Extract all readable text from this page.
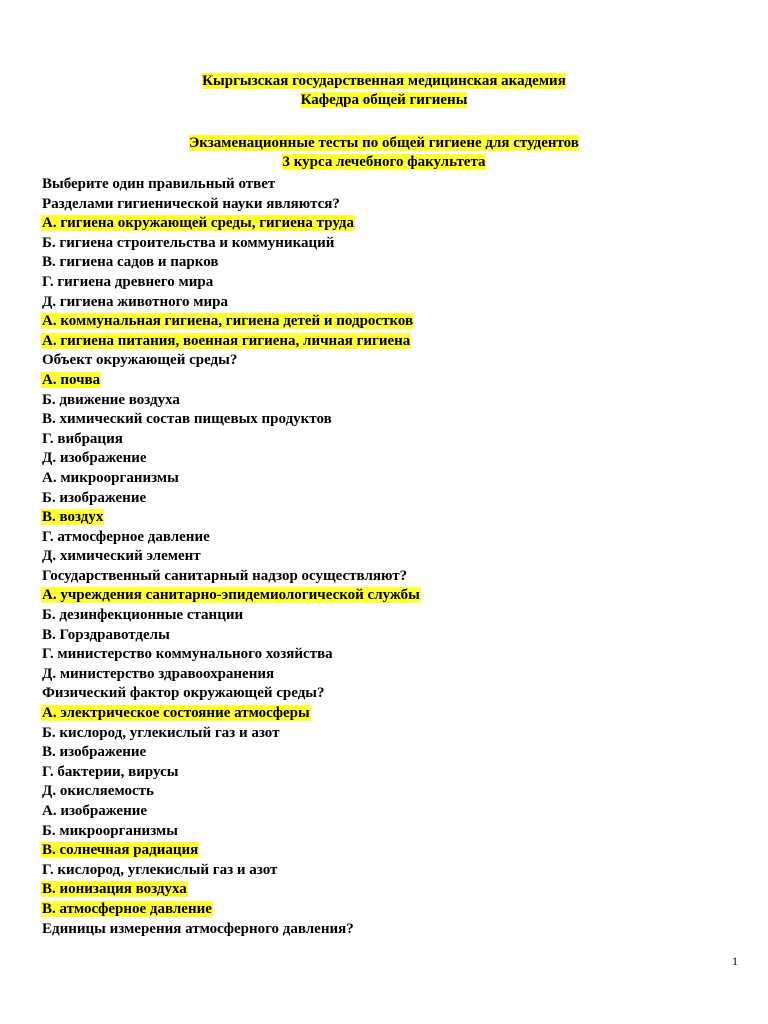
Кыргызская государственная медицинская академия
Кафедра общей гигиены
Экзаменационные тесты по общей гигиене для студентов
3 курса лечебного факультета
Выберите один правильный ответ
Разделами гигиенической науки являются?
А. гигиена окружающей среды, гигиена труда
Б. гигиена строительства и коммуникаций
В. гигиена садов и парков
Г. гигиена древнего мира
Д. гигиена животного мира
А. коммунальная гигиена, гигиена детей и подростков
А. гигиена питания, военная гигиена, личная гигиена
Объект окружающей среды?
А. почва
Б. движение воздуха
В. химический состав пищевых продуктов
Г. вибрация
Д. изображение
А. микроорганизмы
Б. изображение
В. воздух
Г. атмосферное давление
Д. химический элемент
Государственный санитарный надзор осуществляют?
А. учреждения санитарно-эпидемиологической службы
Б. дезинфекционные станции
В. Горздравотделы
Г. министерство коммунального хозяйства
Д. министерство здравоохранения
Физический фактор окружающей среды?
А. электрическое состояние атмосферы
Б. кислород, углекислый газ и азот
В. изображение
Г. бактерии, вирусы
Д. окисляемость
А. изображение
Б. микроорганизмы
В. солнечная радиация
Г. кислород, углекислый газ и азот
В. ионизация воздуха
В. атмосферное давление
Единицы измерения атмосферного давления?
1
